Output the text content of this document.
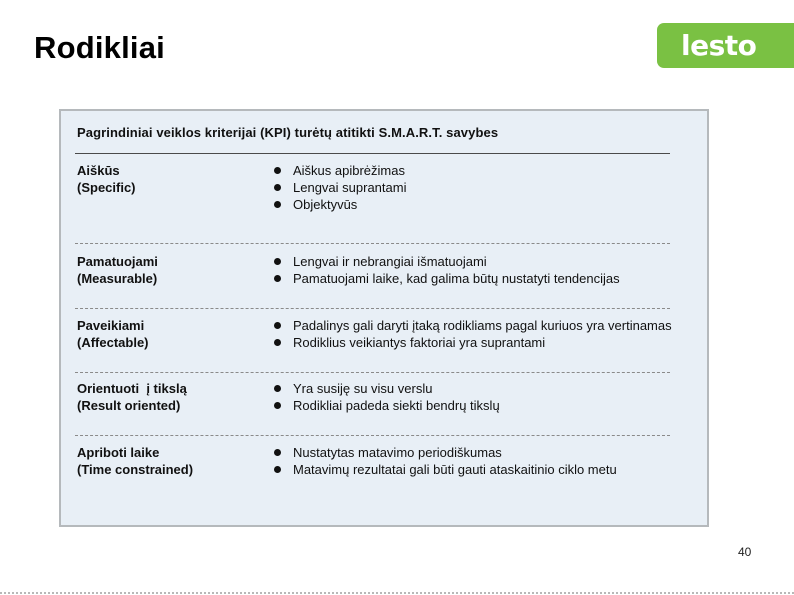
Rodikliai	lesto
Pagrindiniai veiklos kriterijai (KPI) turėtų atitikti S.M.A.R.T. savybes
Aiškūs
(Specific)
Aiškus apibrėžimas
Lengvai suprantami
Objektyvūs
Pamatuojami
(Measurable)
Lengvai ir nebrangiai išmatuojami
Pamatuojami laike, kad galima būtų nustatyti tendencijas
Paveikiami
(Affectable)
Padalinys gali daryti įtaką rodikliams pagal kuriuos yra vertinamas
Rodiklius veikiantys faktoriai yra suprantami
Orientuoti  į tikslą
(Result oriented)
Yra susiję su visu verslu
Rodikliai padeda siekti bendrų tikslų
Apriboti laike
(Time constrained)
Nustatytas matavimo periodiškumas
Matavimų rezultatai gali būti gauti ataskaitinio ciklo metu
40
